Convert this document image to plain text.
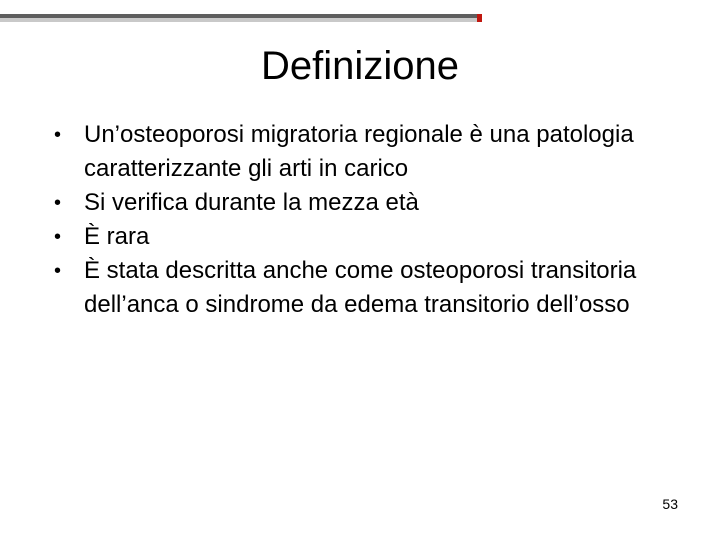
Definizione
• Un’osteoporosi migratoria regionale è una patologia caratterizzante gli arti in carico
• Si verifica durante la mezza età
• È rara
• È stata descritta anche come osteoporosi transitoria dell’anca o sindrome da edema transitorio dell’osso
53
